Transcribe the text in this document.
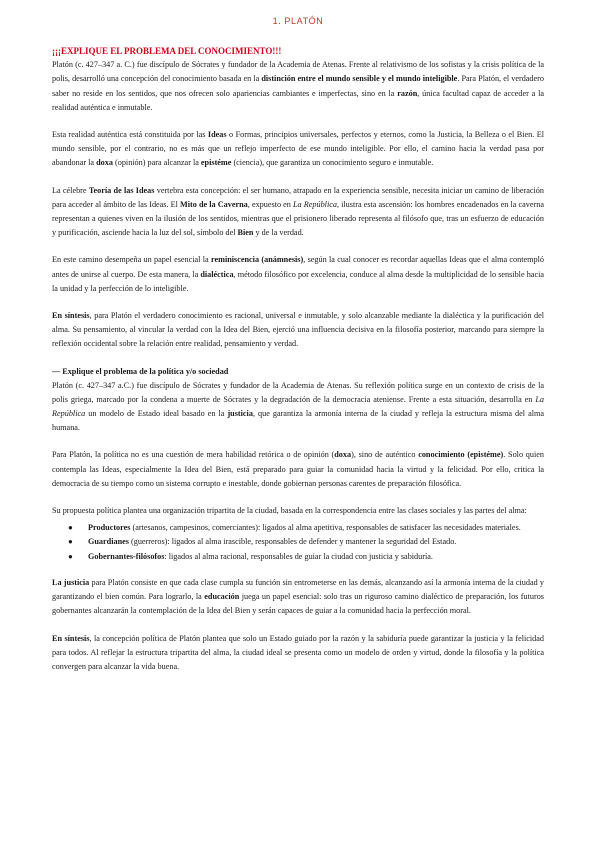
1. PLATÓN
¡¡¡EXPLIQUE EL PROBLEMA DEL CONOCIMIENTO!!!

Platón (c. 427–347 a. C.) fue discípulo de Sócrates y fundador de la Academia de Atenas. Frente al relativismo de los sofistas y la crisis política de la polis, desarrolló una concepción del conocimiento basada en la distinción entre el mundo sensible y el mundo inteligible. Para Platón, el verdadero saber no reside en los sentidos, que nos ofrecen solo apariencias cambiantes e imperfectas, sino en la razón, única facultad capaz de acceder a la realidad auténtica e inmutable.

Esta realidad auténtica está constituida por las Ideas o Formas, principios universales, perfectos y eternos, como la Justicia, la Belleza o el Bien. El mundo sensible, por el contrario, no es más que un reflejo imperfecto de ese mundo inteligible. Por ello, el camino hacia la verdad pasa por abandonar la doxa (opinión) para alcanzar la epistéme (ciencia), que garantiza un conocimiento seguro e inmutable.

La célebre Teoría de las Ideas vertebra esta concepción: el ser humano, atrapado en la experiencia sensible, necesita iniciar un camino de liberación para acceder al ámbito de las Ideas. El Mito de la Caverna, expuesto en La República, ilustra esta ascensión: los hombres encadenados en la caverna representan a quienes viven en la ilusión de los sentidos, mientras que el prisionero liberado representa al filósofo que, tras un esfuerzo de educación y purificación, asciende hacia la luz del sol, símbolo del Bien y de la verdad.

En este camino desempeña un papel esencial la reminiscencia (anámnesis), según la cual conocer es recordar aquellas Ideas que el alma contempló antes de unirse al cuerpo. De esta manera, la dialéctica, método filosófico por excelencia, conduce al alma desde la multiplicidad de lo sensible hacia la unidad y la perfección de lo inteligible.

En síntesis, para Platón el verdadero conocimiento es racional, universal e inmutable, y solo alcanzable mediante la dialéctica y la purificación del alma. Su pensamiento, al vincular la verdad con la Idea del Bien, ejerció una influencia decisiva en la filosofía posterior, marcando para siempre la reflexión occidental sobre la relación entre realidad, pensamiento y verdad.

— Explique el problema de la política y/o sociedad

Platón (c. 427–347 a.C.) fue discípulo de Sócrates y fundador de la Academia de Atenas. Su reflexión política surge en un contexto de crisis de la polis griega, marcado por la condena a muerte de Sócrates y la degradación de la democracia ateniense. Frente a esta situación, desarrolla en La República un modelo de Estado ideal basado en la justicia, que garantiza la armonía interna de la ciudad y refleja la estructura misma del alma humana.

Para Platón, la política no es una cuestión de mera habilidad retórica o de opinión (doxa), sino de auténtico conocimiento (epistéme). Solo quien contempla las Ideas, especialmente la Idea del Bien, está preparado para guiar la comunidad hacia la virtud y la felicidad. Por ello, critica la democracia de su tiempo como un sistema corrupto e inestable, donde gobiernan personas carentes de preparación filosófica.

Su propuesta política plantea una organización tripartita de la ciudad, basada en la correspondencia entre las clases sociales y las partes del alma:

● Productores (artesanos, campesinos, comerciantes): ligados al alma apetitiva, responsables de satisfacer las necesidades materiales.
● Guardianes (guerreros): ligados al alma irascible, responsables de defender y mantener la seguridad del Estado.
● Gobernantes-filósofos: ligados al alma racional, responsables de guiar la ciudad con justicia y sabiduría.

La justicia para Platón consiste en que cada clase cumpla su función sin entrometerse en las demás, alcanzando así la armonía interna de la ciudad y garantizando el bien común. Para lograrlo, la educación juega un papel esencial: solo tras un riguroso camino dialéctico de preparación, los futuros gobernantes alcanzarán la contemplación de la Idea del Bien y serán capaces de guiar a la comunidad hacia la perfección moral.

En síntesis, la concepción política de Platón plantea que solo un Estado guiado por la razón y la sabiduría puede garantizar la justicia y la felicidad para todos. Al reflejar la estructura tripartita del alma, la ciudad ideal se presenta como un modelo de orden y virtud, donde la filosofía y la política convergen para alcanzar la vida buena.
